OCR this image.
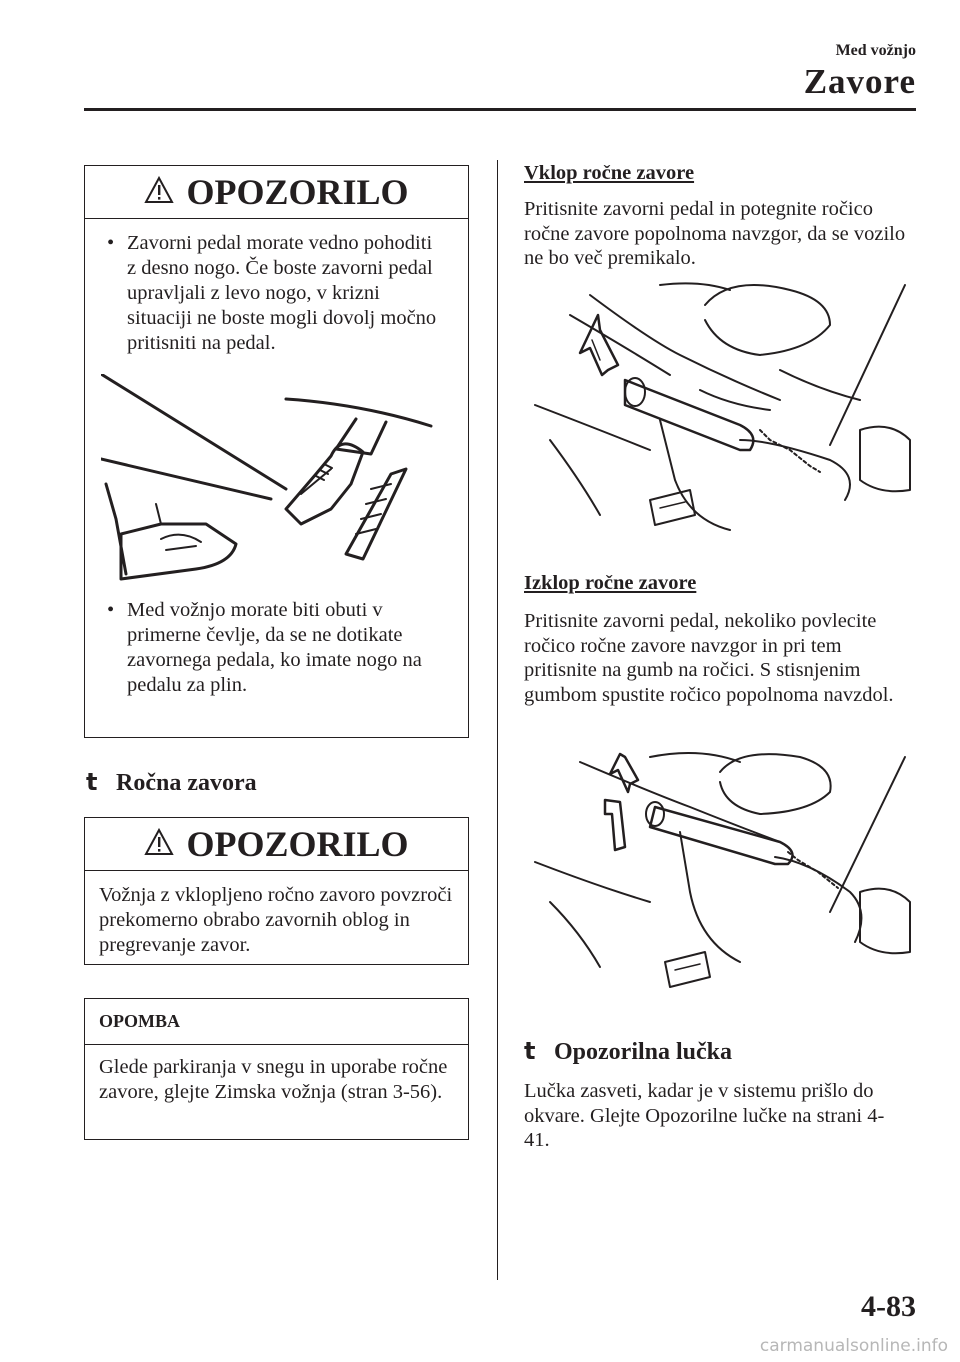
Med vožnjo
Zavore
OPOZORILO
• Zavorni pedal morate vedno pohoditi z desno nogo. Če boste zavorni pedal upravljali z levo nogo, v krizni situaciji ne boste mogli dovolj močno pritisniti na pedal.
• Med vožnjo morate biti obuti v primerne čevlje, da se ne dotikate zavornega pedala, ko imate nogo na pedalu za plin.
t Ročna zavora
OPOZORILO
Vožnja z vklopljeno ročno zavoro povzroči prekomerno obrabo zavornih oblog in pregrevanje zavor.
OPOMBA
Glede parkiranja v snegu in uporabe ročne zavore, glejte Zimska vožnja (stran 3-56).
Vklop ročne zavore
Pritisnite zavorni pedal in potegnite ročico ročne zavore popolnoma navzgor, da se vozilo ne bo več premikalo.
Izklop ročne zavore
Pritisnite zavorni pedal, nekoliko povlecite ročico ročne zavore navzgor in pri tem pritisnite na gumb na ročici. S stisnjenim gumbom spustite ročico popolnoma navzdol.
t Opozorilna lučka
Lučka zasveti, kadar je v sistemu prišlo do okvare. Glejte Opozorilne lučke na strani 4-41.
4-83
carmanualsonline.info
